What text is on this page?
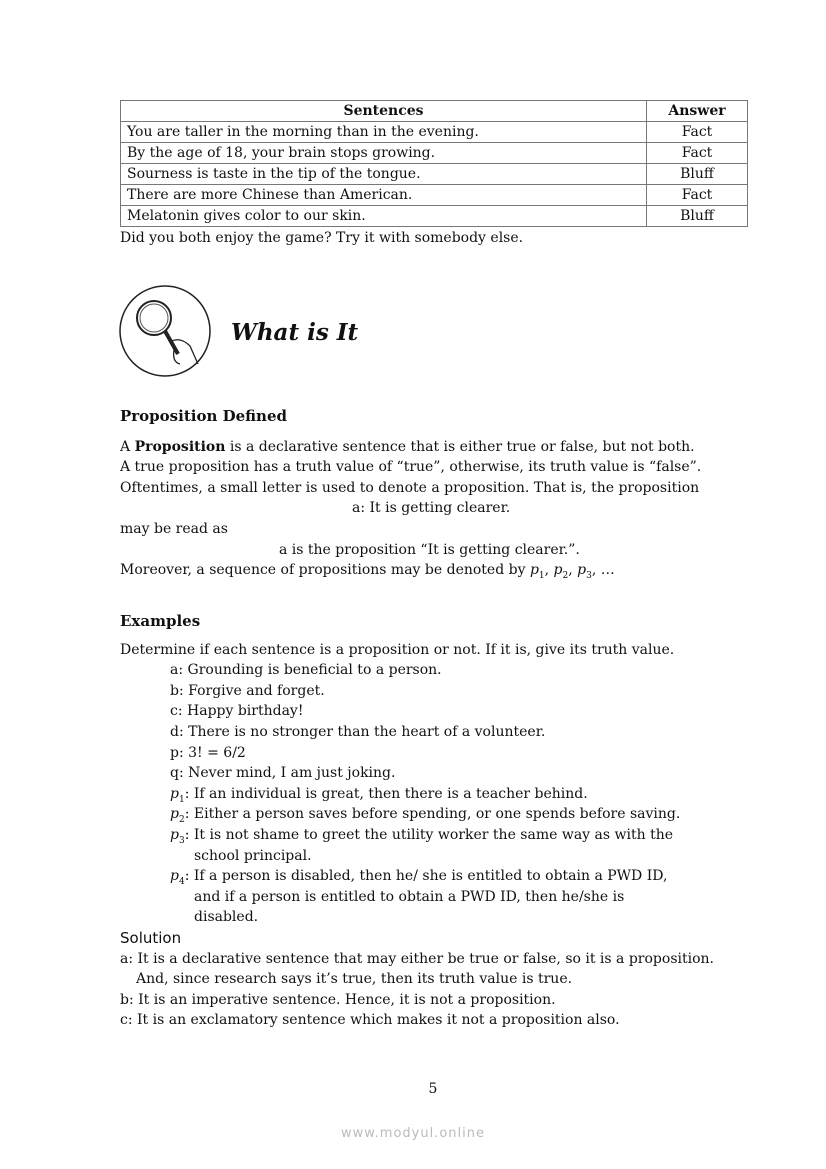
Sentences	Answer
You are taller in the morning than in the evening.	Fact
By the age of 18, your brain stops growing.	Fact
Sourness is taste in the tip of the tongue.	Bluff
There are more Chinese than American.	Fact
Melatonin gives color to our skin.	Bluff
Did you both enjoy the game? Try it with somebody else.
What is It
Proposition Defined
A Proposition is a declarative sentence that is either true or false, but not both.
A true proposition has a truth value of “true”, otherwise, its truth value is “false”.
Oftentimes, a small letter is used to denote a proposition. That is, the proposition
a: It is getting clearer.
may be read as
a is the proposition “It is getting clearer.”.
Moreover, a sequence of propositions may be denoted by $p_1$, $p_2$, $p_3$, …
Examples
Determine if each sentence is a proposition or not. If it is, give its truth value.
a: Grounding is beneficial to a person.
b: Forgive and forget.
c: Happy birthday!
d: There is no stronger than the heart of a volunteer.
p: 3! = 6/2
q: Never mind, I am just joking.
$p_1$: If an individual is great, then there is a teacher behind.
$p_2$: Either a person saves before spending, or one spends before saving.
$p_3$: It is not shame to greet the utility worker the same way as with the
school principal.
$p_4$: If a person is disabled, then he/ she is entitled to obtain a PWD ID,
and if a person is entitled to obtain a PWD ID, then he/she is
disabled.
Solution
a: It is a declarative sentence that may either be true or false, so it is a proposition.
And, since research says it’s true, then its truth value is true.
b: It is an imperative sentence. Hence, it is not a proposition.
c: It is an exclamatory sentence which makes it not a proposition also.
5
www.modyul.online
